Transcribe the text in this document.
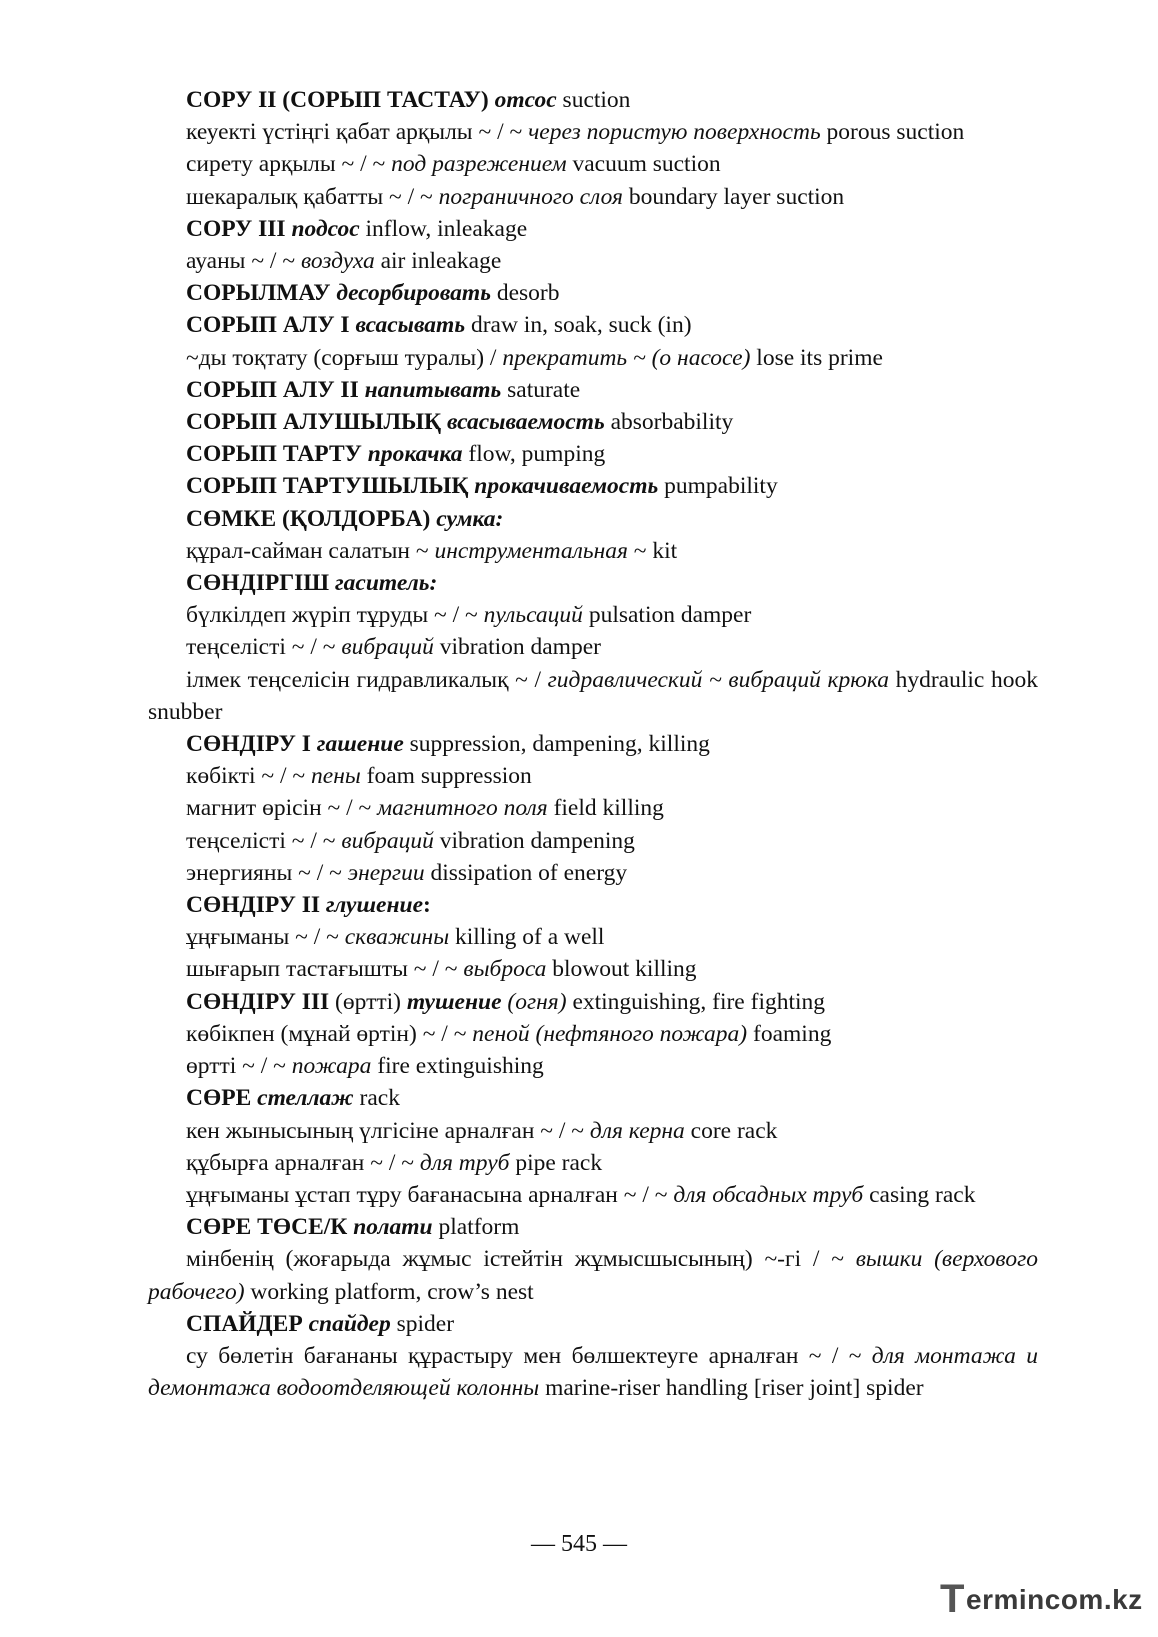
СОРУ II (СОРЫП ТАСТАУ) отсос suction

кеуекті үстіңгі қабат арқылы ~ / ~ через пористую поверхность porous suction

сирету арқылы ~ / ~ под разрежением vacuum suction

шекаралық қабатты ~ / ~ пограничного слоя boundary layer suction

СОРУ III подсос inflow, inleakage

ауаны ~ / ~ воздуха air inleakage

СОРЫЛМАУ десорбировать desorb

СОРЫП АЛУ I всасывать draw in, soak, suck (in)

~ды тоқтату (сорғыш туралы) / прекратить ~ (о насосе) lose its prime

СОРЫП АЛУ II напитывать saturate

СОРЫП АЛУШЫЛЫҚ всасываемость absorbability

СОРЫП ТАРТУ прокачка flow, pumping

СОРЫП ТАРТУШЫЛЫҚ прокачиваемость pumpability

СӨМКЕ (ҚОЛДОРБА) сумка:

құрал-сайман салатын ~ инструментальная ~ kit

СӨНДІРГІШ гаситель:

бүлкілдеп жүріп тұруды ~ / ~ пульсаций pulsation damper

теңселісті ~ / ~ вибраций vibration damper

ілмек теңселісін гидравликалық ~ / гидравлический ~ вибраций крюка hydraulic hook snubber

СӨНДІРУ I гашение suppression, dampening, killing

көбікті ~ / ~ пены foam suppression

магнит өрісін ~ / ~ магнитного поля field killing

теңселісті ~ / ~ вибраций vibration dampening

энергияны ~ / ~ энергии dissipation of energy

СӨНДІРУ II глушение:

ұңғыманы ~ / ~ скважины killing of a well

шығарып тастағышты ~ / ~ выброса blowout killing

СӨНДІРУ III (өртті) тушение (огня) extinguishing, fire fighting

көбікпен (мұнай өртін) ~ / ~ пеной (нефтяного пожара) foaming

өртті ~ / ~ пожара fire extinguishing

СӨРЕ стеллаж rack

кен жынысының үлгісіне арналған ~ / ~ для керна core rack

құбырға арналған ~ / ~ для труб pipe rack

ұңғыманы ұстап тұру бағанасына арналған ~ / ~ для обсадных труб casing rack

СӨРЕ ТӨСЕ/К полати platform

мінбенің (жоғарыда жұмыс істейтін жұмысшысының) ~-гі / ~ вышки (верхового рабочего) working platform, crow’s nest

СПАЙДЕР спайдер spider

су бөлетін бағананы құрастыру мен бөлшектеуге арналған ~ / ~ для монтажа и демонтажа водоотделяющей колонны marine-riser handling [riser joint] spider

— 545 —
T ermincom.kz
